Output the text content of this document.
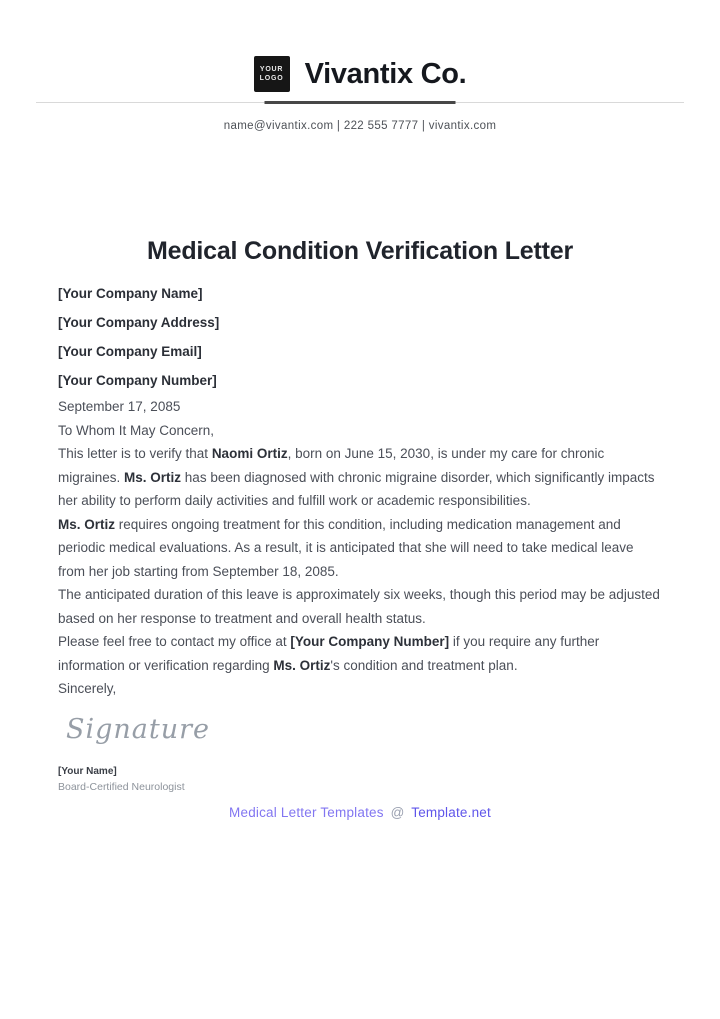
YOUR
LOGO Vivantix Co.
name@vivantix.com | 222 555 7777 | vivantix.com
Medical Condition Verification Letter
[Your Company Name]
[Your Company Address]
[Your Company Email]
[Your Company Number]

September 17, 2085

To Whom It May Concern,

This letter is to verify that Naomi Ortiz, born on June 15, 2030, is under my care for chronic migraines. Ms. Ortiz has been diagnosed with chronic migraine disorder, which significantly impacts her ability to perform daily activities and fulfill work or academic responsibilities.

Ms. Ortiz requires ongoing treatment for this condition, including medication management and periodic medical evaluations. As a result, it is anticipated that she will need to take medical leave from her job starting from September 18, 2085.

The anticipated duration of this leave is approximately six weeks, though this period may be adjusted based on her response to treatment and overall health status.

Please feel free to contact my office at [Your Company Number] if you require any further information or verification regarding Ms. Ortiz's condition and treatment plan.

Sincerely,

Signature
[Your Name]
Board-Certified Neurologist
Medical Letter Templates @ Template.net
